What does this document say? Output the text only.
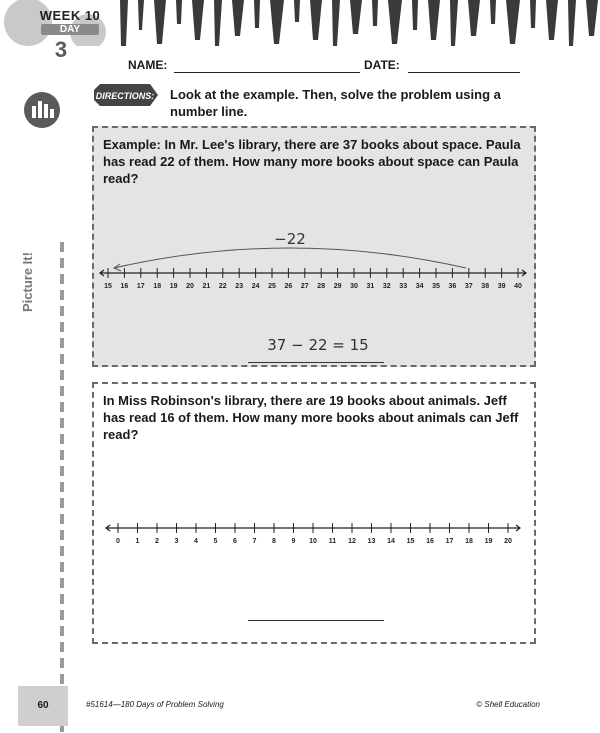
WEEK 10
DAY
3
NAME:	DATE:
Picture It!
DIRECTIONS: Look at the example. Then, solve the problem using a number line.
Example: In Mr. Lee's library, there are 37 books about space. Paula has read 22 of them. How many more books about space can Paula read?
−22
15 16 17 18 19 20 21 22 23 24 25 26 27 28 29 30 31 32 33 34 35 36 37 38 39 40
37 − 22 = 15
In Miss Robinson's library, there are 19 books about animals. Jeff has read 16 of them. How many more books about animals can Jeff read?
0 1 2 3 4 5 6 7 8 9 10 11 12 13 14 15 16 17 18 19 20
60	#51614—180 Days of Problem Solving	© Shell Education
